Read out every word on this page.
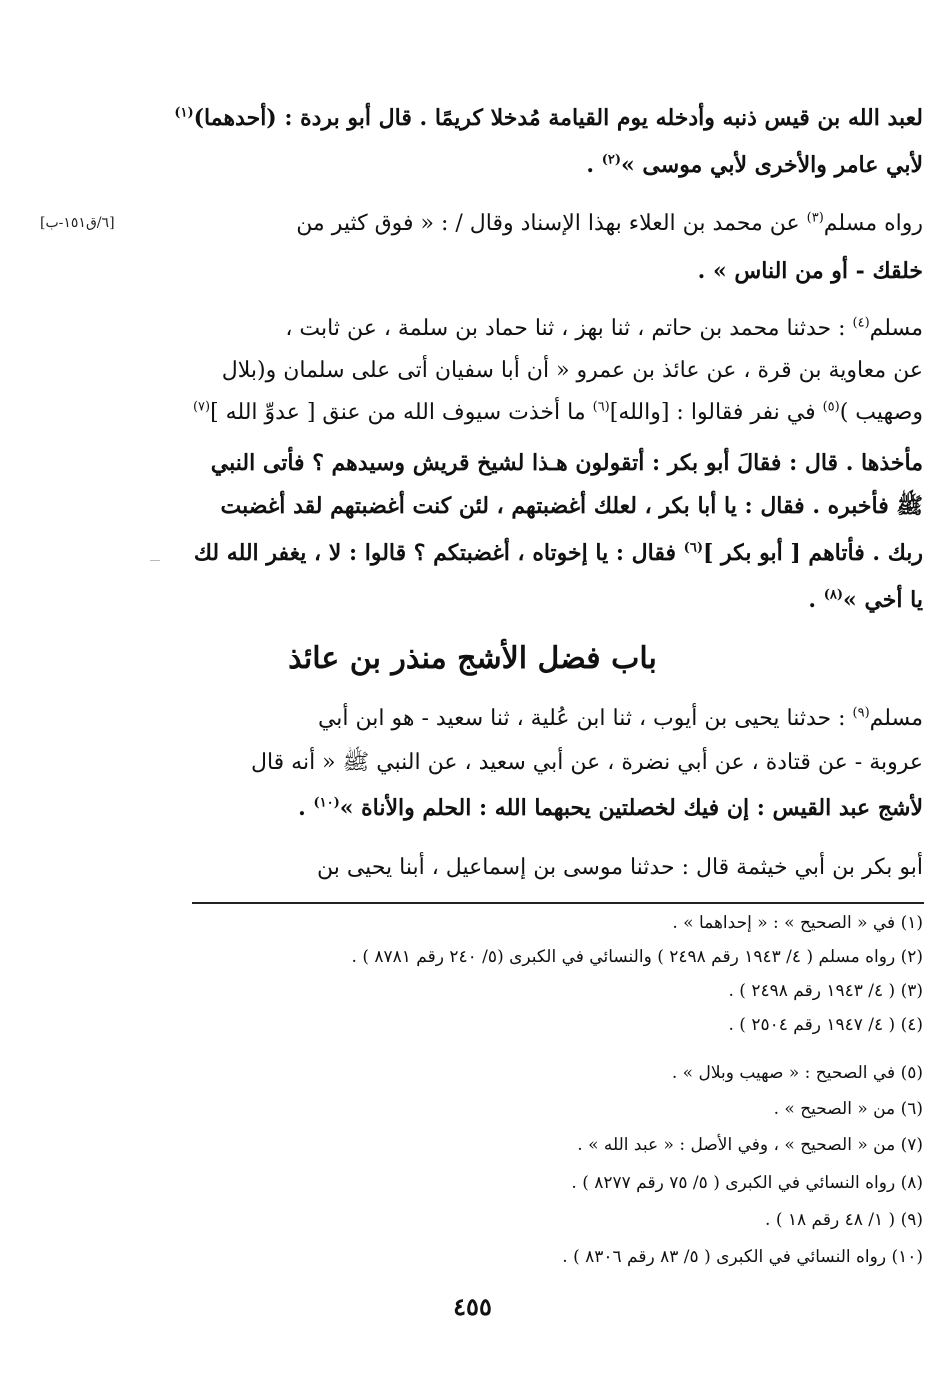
لعبد الله بن قيس ذنبه وأدخله يوم القيامة مُدخلا كريمًا . قال أبو بردة : (أحدهما)$^{(١)}$
لأبي عامر والأخرى لأبي موسى »$^{(٢)}$ .
رواه مسلم$^{(٣)}$ عن محمد بن العلاء بهذا الإسناد وقال / : « فوق كثير من
[٦/ق١٥١-ب]
خلقك - أو من الناس » .
مسلم$^{(٤)}$ : حدثنا محمد بن حاتم ، ثنا بهز ، ثنا حماد بن سلمة ، عن ثابت ،
عن معاوية بن قرة ، عن عائذ بن عمرو « أن أبا سفيان أتى على سلمان و(بلال
وصهيب )$^{(٥)}$ في نفر فقالوا : [والله]$^{(٦)}$ ما أخذت سيوف الله من عنق [ عدوِّ الله ]$^{(٧)}$
مأخذها . قال : فقالَ أبو بكر : أتقولون هـذا لشيخ قريش وسيدهم ؟ فأتى النبي
ﷺ فأخبره . فقال : يا أبا بكر ، لعلك أغضبتهم ، لئن كنت أغضبتهم لقد أغضبت
ربك . فأتاهم [ أبو بكر ]$^{(٦)}$ فقال : يا إخوتاه ، أغضبتكم ؟ قالوا : لا ، يغفر الله لك
يا أخي »$^{(٨)}$ .
باب فضل الأشج منذر بن عائذ
مسلم$^{(٩)}$ : حدثنا يحيى بن أيوب ، ثنا ابن عُلية ، ثنا سعيد - هو ابن أبي
عروبة - عن قتادة ، عن أبي نضرة ، عن أبي سعيد ، عن النبي ﷺ « أنه قال
لأشج عبد القيس : إن فيك لخصلتين يحبهما الله : الحلم والأناة »$^{(١٠)}$ .
أبو بكر بن أبي خيثمة قال : حدثنا موسى بن إسماعيل ، أبنا يحيى بن
(١) في « الصحيح » : « إحداهما » .
(٢) رواه مسلم ( ٤/ ١٩٤٣ رقم ٢٤٩٨ ) والنسائي في الكبرى (٥/ ٢٤٠ رقم ٨٧٨١ ) .
(٣) ( ٤/ ١٩٤٣ رقم ٢٤٩٨ ) .
(٤) ( ٤/ ١٩٤٧ رقم ٢٥٠٤ ) .
(٥) في الصحيح : « صهيب وبلال » .
(٦) من « الصحيح » .
(٧) من « الصحيح » ، وفي الأصل : « عبد الله » .
(٨) رواه النسائي في الكبرى ( ٥/ ٧٥ رقم ٨٢٧٧ ) .
(٩) ( ١/ ٤٨ رقم ١٨ ) .
(١٠) رواه النسائي في الكبرى ( ٥/ ٨٣ رقم ٨٣٠٦ ) .
٤٥٥
